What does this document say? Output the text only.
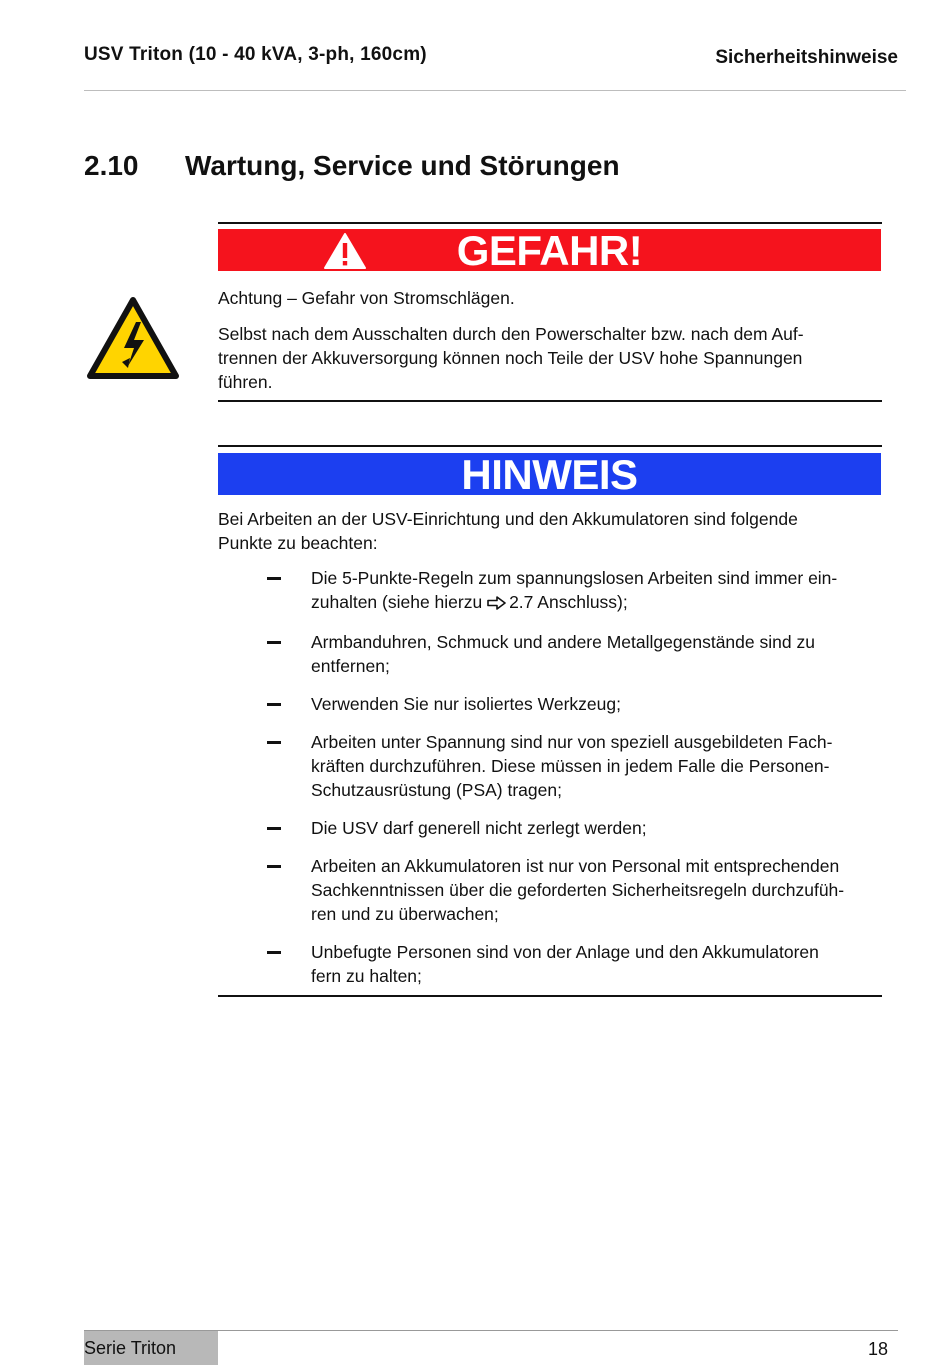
USV Triton (10 - 40 kVA, 3-ph, 160cm)	Sicherheitshinweise
2.10 Wartung, Service und Störungen
GEFAHR!
Achtung – Gefahr von Stromschlägen.
Selbst nach dem Ausschalten durch den Powerschalter bzw. nach dem Auf-
trennen der Akkuversorgung können noch Teile der USV hohe Spannungen
führen.
HINWEIS
Bei Arbeiten an der USV-Einrichtung und den Akkumulatoren sind folgende
Punkte zu beachten:
Die 5-Punkte-Regeln zum spannungslosen Arbeiten sind immer ein-
zuhalten (siehe hierzu 2.7 Anschluss);
Armbanduhren, Schmuck und andere Metallgegenstände sind zu
entfernen;
Verwenden Sie nur isoliertes Werkzeug;
Arbeiten unter Spannung sind nur von speziell ausgebildeten Fach-
kräften durchzuführen. Diese müssen in jedem Falle die Personen-
Schutzausrüstung (PSA) tragen;
Die USV darf generell nicht zerlegt werden;
Arbeiten an Akkumulatoren ist nur von Personal mit entsprechenden
Sachkenntnissen über die geforderten Sicherheitsregeln durchzufüh-
ren und zu überwachen;
Unbefugte Personen sind von der Anlage und den Akkumulatoren
fern zu halten;
Serie Triton	18
